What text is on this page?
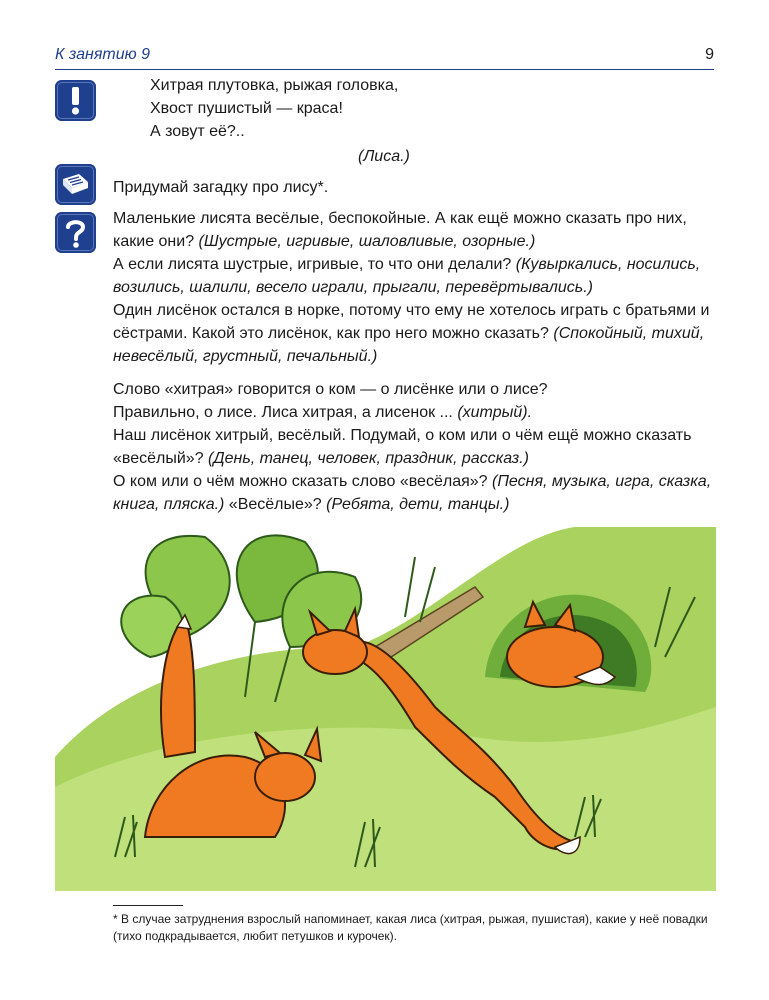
К занятию 9	9

Хитрая плутовка, рыжая головка,

Хвост пушистый — краса!

А зовут её?..

(Лиса.)
Придумай загадку про лису*.

Маленькие лисята весёлые, беспокойные. А как ещё можно сказать про них, какие они? (Шустрые, игривые, шаловливые, озорные.)

А если лисята шустрые, игривые, то что они делали? (Кувыркались, носились, возились, шалили, весело играли, прыгали, перевёртывались.)

Один лисёнок остался в норке, потому что ему не хотелось играть с братьями и сёстрами. Какой это лисёнок, как про него можно сказать? (Спокойный, тихий, невесёлый, грустный, печальный.)

Слово «хитрая» говорится о ком — о лисёнке или о лисе?

Правильно, о лисе. Лиса хитрая, а лисенок ... (хитрый).

Наш лисёнок хитрый, весёлый. Подумай, о ком или о чём ещё можно сказать «весёлый»? (День, танец, человек, праздник, рассказ.)

О ком или о чём можно сказать слово «весёлая»? (Песня, музыка, игра, сказка, книга, пляска.) «Весёлые»? (Ребята, дети, танцы.)

* В случае затруднения взрослый напоминает, какая лиса (хитрая, рыжая, пушистая), какие у неё повадки (тихо подкрадывается, любит петушков и курочек).
